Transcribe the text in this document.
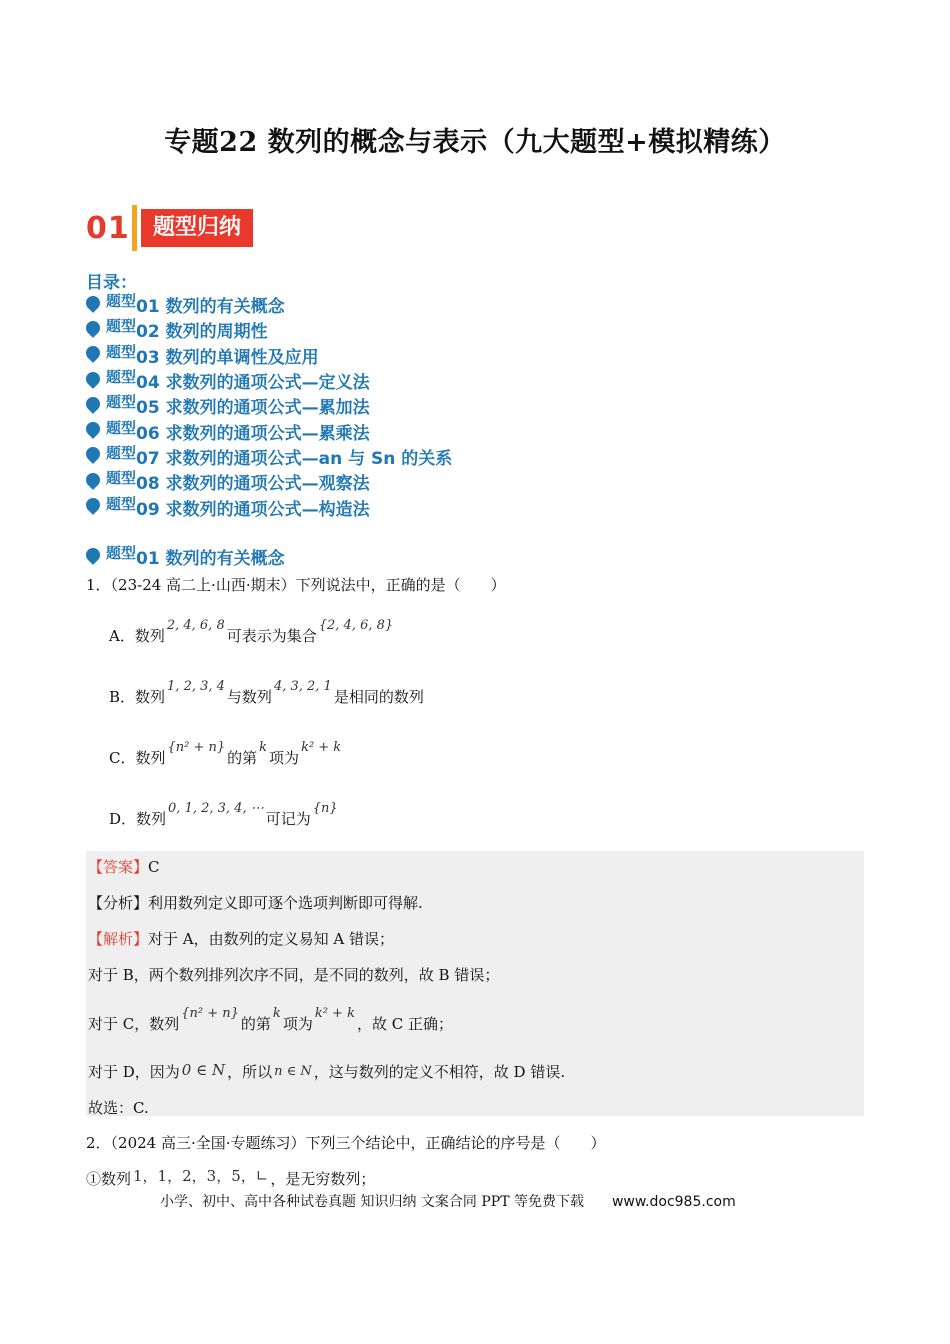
专题22 数列的概念与表示（九大题型+模拟精练）
01	题型归纳
目录：
题型 01 数列的有关概念
题型 02 数列的周期性
题型 03 数列的单调性及应用
题型 04 求数列的通项公式—定义法
题型 05 求数列的通项公式—累加法
题型 06 求数列的通项公式—累乘法
题型 07 求数列的通项公式—an 与 Sn 的关系
题型 08 求数列的通项公式—观察法
题型 09 求数列的通项公式—构造法
题型 01 数列的有关概念
1．（23-24 高二上·山西·期末）下列说法中，正确的是（　　）
A．数列2, 4, 6, 8可表示为集合{2, 4, 6, 8}
B．数列1, 2, 3, 4与数列4, 3, 2, 1是相同的数列
C．数列{n² + n}的第k项为k² + k
D．数列0, 1, 2, 3, 4, ⋯可记为{n}
【答案】C
【分析】利用数列定义即可逐个选项判断即可得解.
【解析】对于 A，由数列的定义易知 A 错误；
对于 B，两个数列排列次序不同，是不同的数列，故 B 错误；
对于 C，数列{n² + n}的第k项为k² + k，故 C 正确；
对于 D，因为 0 ∈ N ，所以 n ∈ N ，这与数列的定义不相符，故 D 错误.
故选：C.
2．（2024 高三·全国·专题练习）下列三个结论中，正确结论的序号是（　　）
①数列 1，1，2，3，5，∟ ，是无穷数列；
小学、初中、高中各种试卷真题 知识归纳 文案合同 PPT 等免费下载 www.doc985.com
